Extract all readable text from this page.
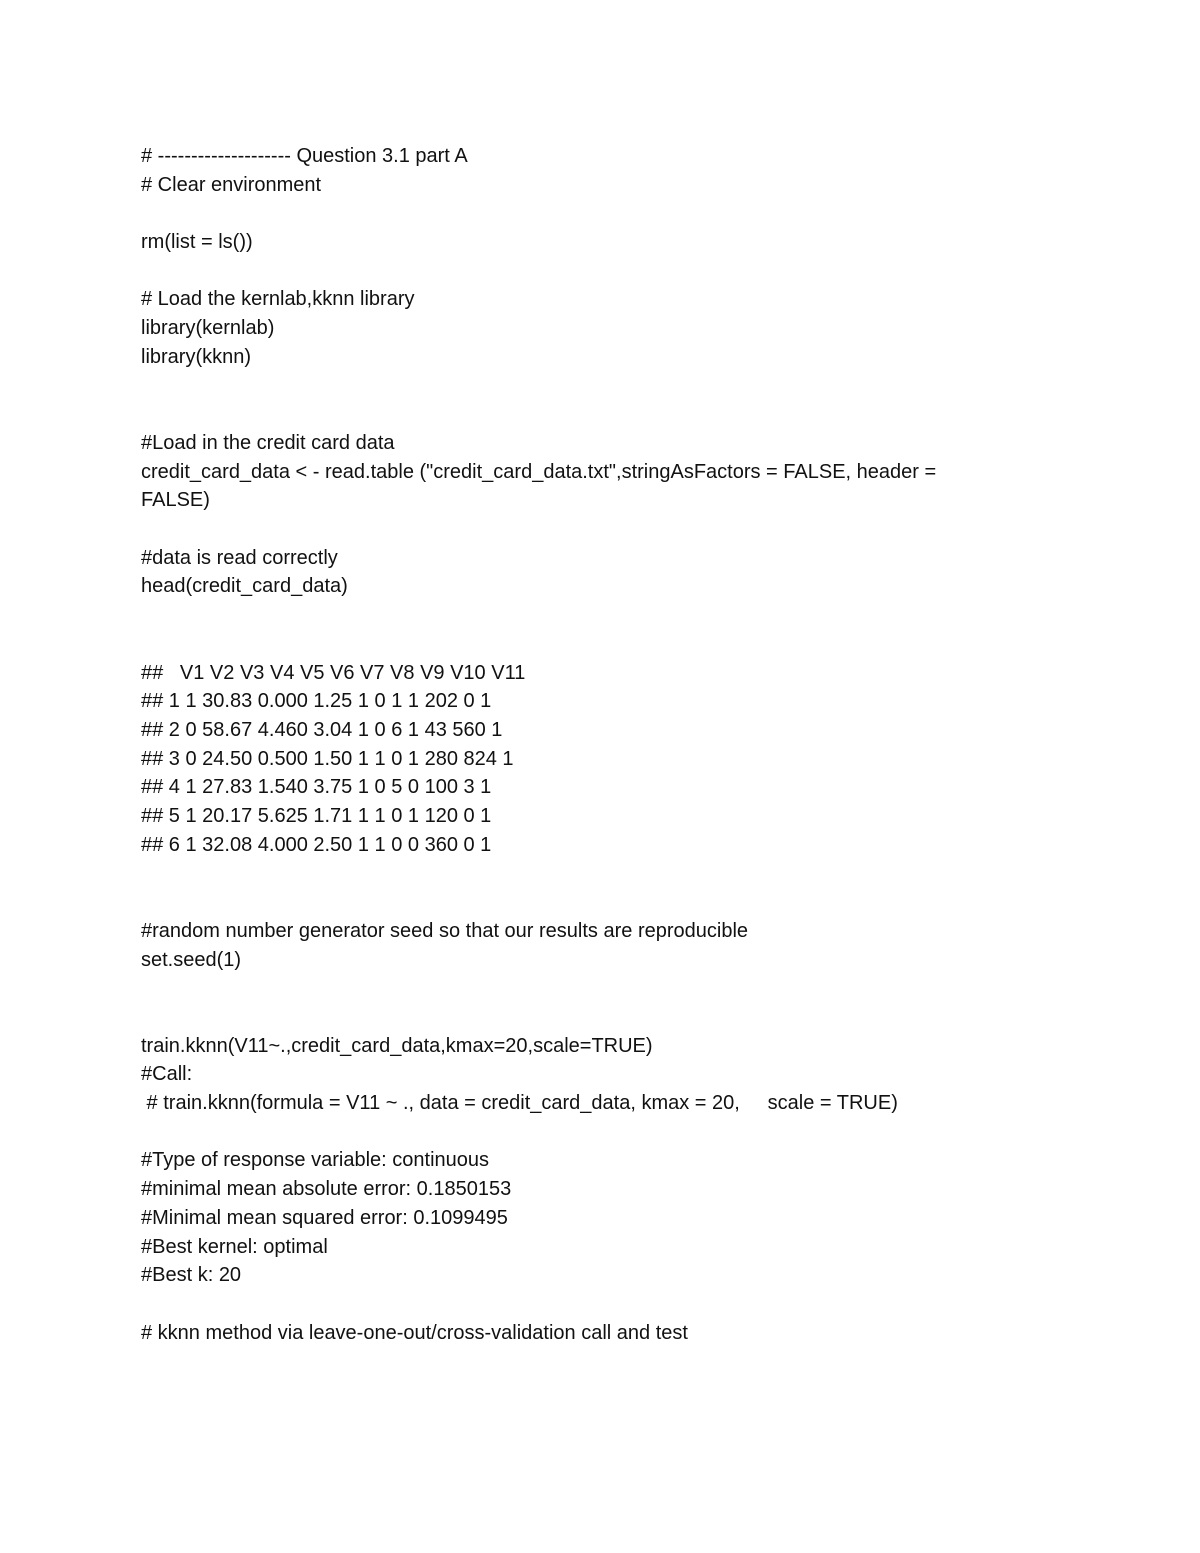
# -------------------- Question 3.1 part A
# Clear environment
rm(list = ls())
# Load the kernlab,kknn library
library(kernlab)
library(kknn)
#Load in the credit card data
credit_card_data < - read.table ("credit_card_data.txt",stringAsFactors = FALSE, header =
FALSE)
#data is read correctly
head(credit_card_data)
##   V1 V2 V3 V4 V5 V6 V7 V8 V9 V10 V11
## 1 1 30.83 0.000 1.25 1 0 1 1 202 0 1
## 2 0 58.67 4.460 3.04 1 0 6 1 43 560 1
## 3 0 24.50 0.500 1.50 1 1 0 1 280 824 1
## 4 1 27.83 1.540 3.75 1 0 5 0 100 3 1
## 5 1 20.17 5.625 1.71 1 1 0 1 120 0 1
## 6 1 32.08 4.000 2.50 1 1 0 0 360 0 1
#random number generator seed so that our results are reproducible
set.seed(1)
train.kknn(V11~.,credit_card_data,kmax=20,scale=TRUE)
#Call:
# train.kknn(formula = V11 ~ ., data = credit_card_data, kmax = 20,     scale = TRUE)
#Type of response variable: continuous
#minimal mean absolute error: 0.1850153
#Minimal mean squared error: 0.1099495
#Best kernel: optimal
#Best k: 20
# kknn method via leave-one-out/cross-validation call and test
